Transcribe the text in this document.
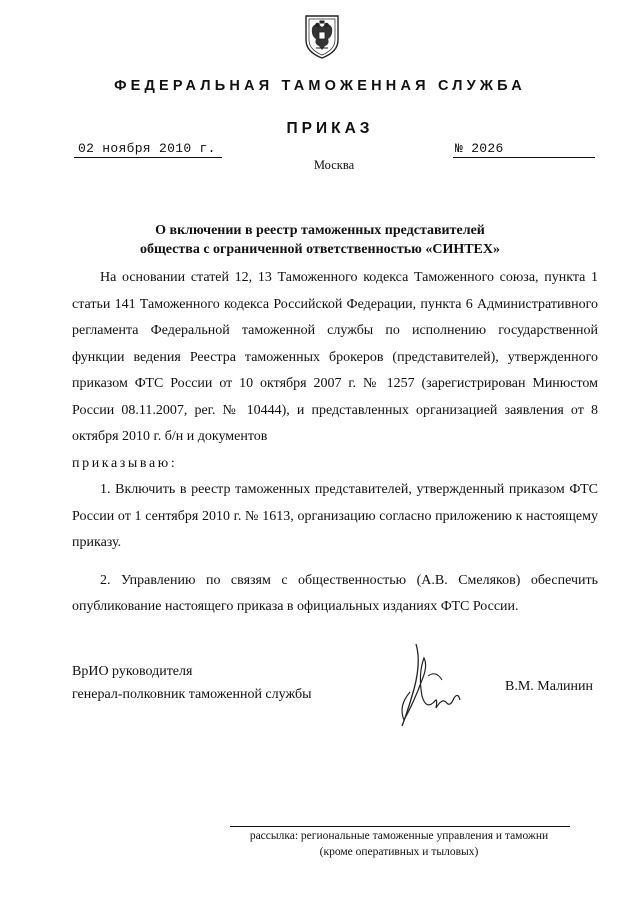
ФЕДЕРАЛЬНАЯ ТАМОЖЕННАЯ СЛУЖБА
ПРИКАЗ
02 ноября 2010 г.	№ 2026
Москва
О включении в реестр таможенных представителей
общества с ограниченной ответственностью «СИНТЕХ»

На основании статей 12, 13 Таможенного кодекса Таможенного союза, пункта 1 статьи 141 Таможенного кодекса Российской Федерации, пункта 6 Административного регламента Федеральной таможенной службы по исполнению государственной функции ведения Реестра таможенных брокеров (представителей), утвержденного приказом ФТС России от 10 октября 2007 г. № 1257 (зарегистрирован Минюстом России 08.11.2007, рег. № 10444), и представленных организацией заявления от 8 октября 2010 г. б/н и документов

приказываю:

1. Включить в реестр таможенных представителей, утвержденный приказом ФТС России от 1 сентября 2010 г. № 1613, организацию согласно приложению к настоящему приказу.

2. Управлению по связям с общественностью (А.В. Смеляков) обеспечить опубликование настоящего приказа в официальных изданиях ФТС России.

ВрИО руководителя
генерал-полковник таможенной службы
В.М. Малинин
рассылка: региональные таможенные управления и таможни
(кроме оперативных и тыловых)
